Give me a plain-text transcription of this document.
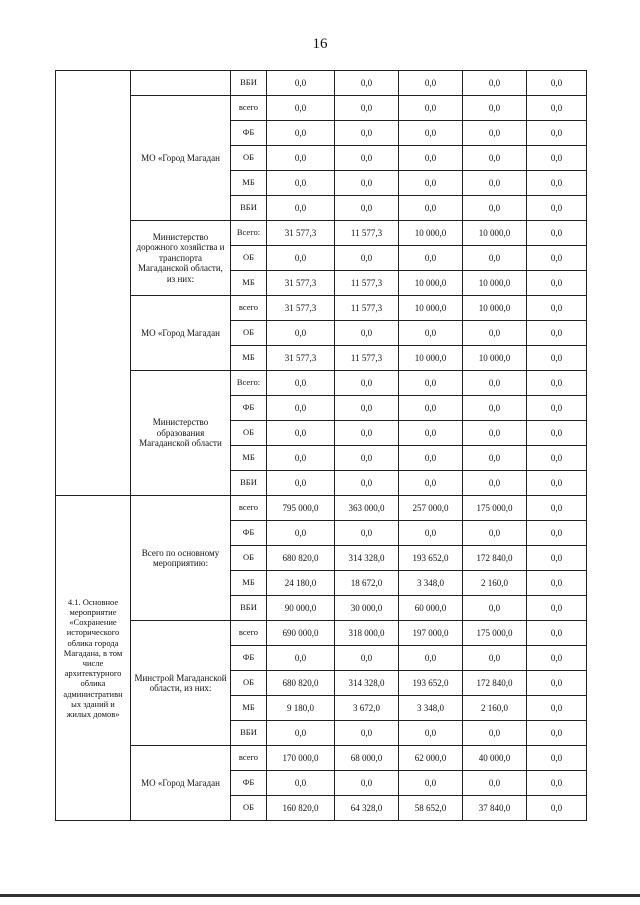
16
		ВБИ	0,0	0,0	0,0	0,0	0,0
	МО «Город Магадан	всего	0,0	0,0	0,0	0,0	0,0
		ФБ	0,0	0,0	0,0	0,0	0,0
		ОБ	0,0	0,0	0,0	0,0	0,0
		МБ	0,0	0,0	0,0	0,0	0,0
		ВБИ	0,0	0,0	0,0	0,0	0,0
	Министерство дорожного хозяйства и транспорта Магаданской области, из них:	Всего:	31 577,3	11 577,3	10 000,0	10 000,0	0,0
		ОБ	0,0	0,0	0,0	0,0	0,0
		МБ	31 577,3	11 577,3	10 000,0	10 000,0	0,0
	МО «Город Магадан	всего	31 577,3	11 577,3	10 000,0	10 000,0	0,0
		ОБ	0,0	0,0	0,0	0,0	0,0
		МБ	31 577,3	11 577,3	10 000,0	10 000,0	0,0
	Министерство образования Магаданской области	Всего:	0,0	0,0	0,0	0,0	0,0
		ФБ	0,0	0,0	0,0	0,0	0,0
		ОБ	0,0	0,0	0,0	0,0	0,0
		МБ	0,0	0,0	0,0	0,0	0,0
		ВБИ	0,0	0,0	0,0	0,0	0,0
4.1. Основное мероприятие «Сохранение исторического облика города Магадана, в том числе архитектурного облика административн ых зданий и жилых домов»	Всего по основному мероприятию:	всего	795 000,0	363 000,0	257 000,0	175 000,0	0,0
		ФБ	0,0	0,0	0,0	0,0	0,0
		ОБ	680 820,0	314 328,0	193 652,0	172 840,0	0,0
		МБ	24 180,0	18 672,0	3 348,0	2 160,0	0,0
		ВБИ	90 000,0	30 000,0	60 000,0	0,0	0,0
	Минстрой Магаданской области, из них:	всего	690 000,0	318 000,0	197 000,0	175 000,0	0,0
		ФБ	0,0	0,0	0,0	0,0	0,0
		ОБ	680 820,0	314 328,0	193 652,0	172 840,0	0,0
		МБ	9 180,0	3 672,0	3 348,0	2 160,0	0,0
		ВБИ	0,0	0,0	0,0	0,0	0,0
	МО «Город Магадан	всего	170 000,0	68 000,0	62 000,0	40 000,0	0,0
		ФБ	0,0	0,0	0,0	0,0	0,0
		ОБ	160 820,0	64 328,0	58 652,0	37 840,0	0,0
